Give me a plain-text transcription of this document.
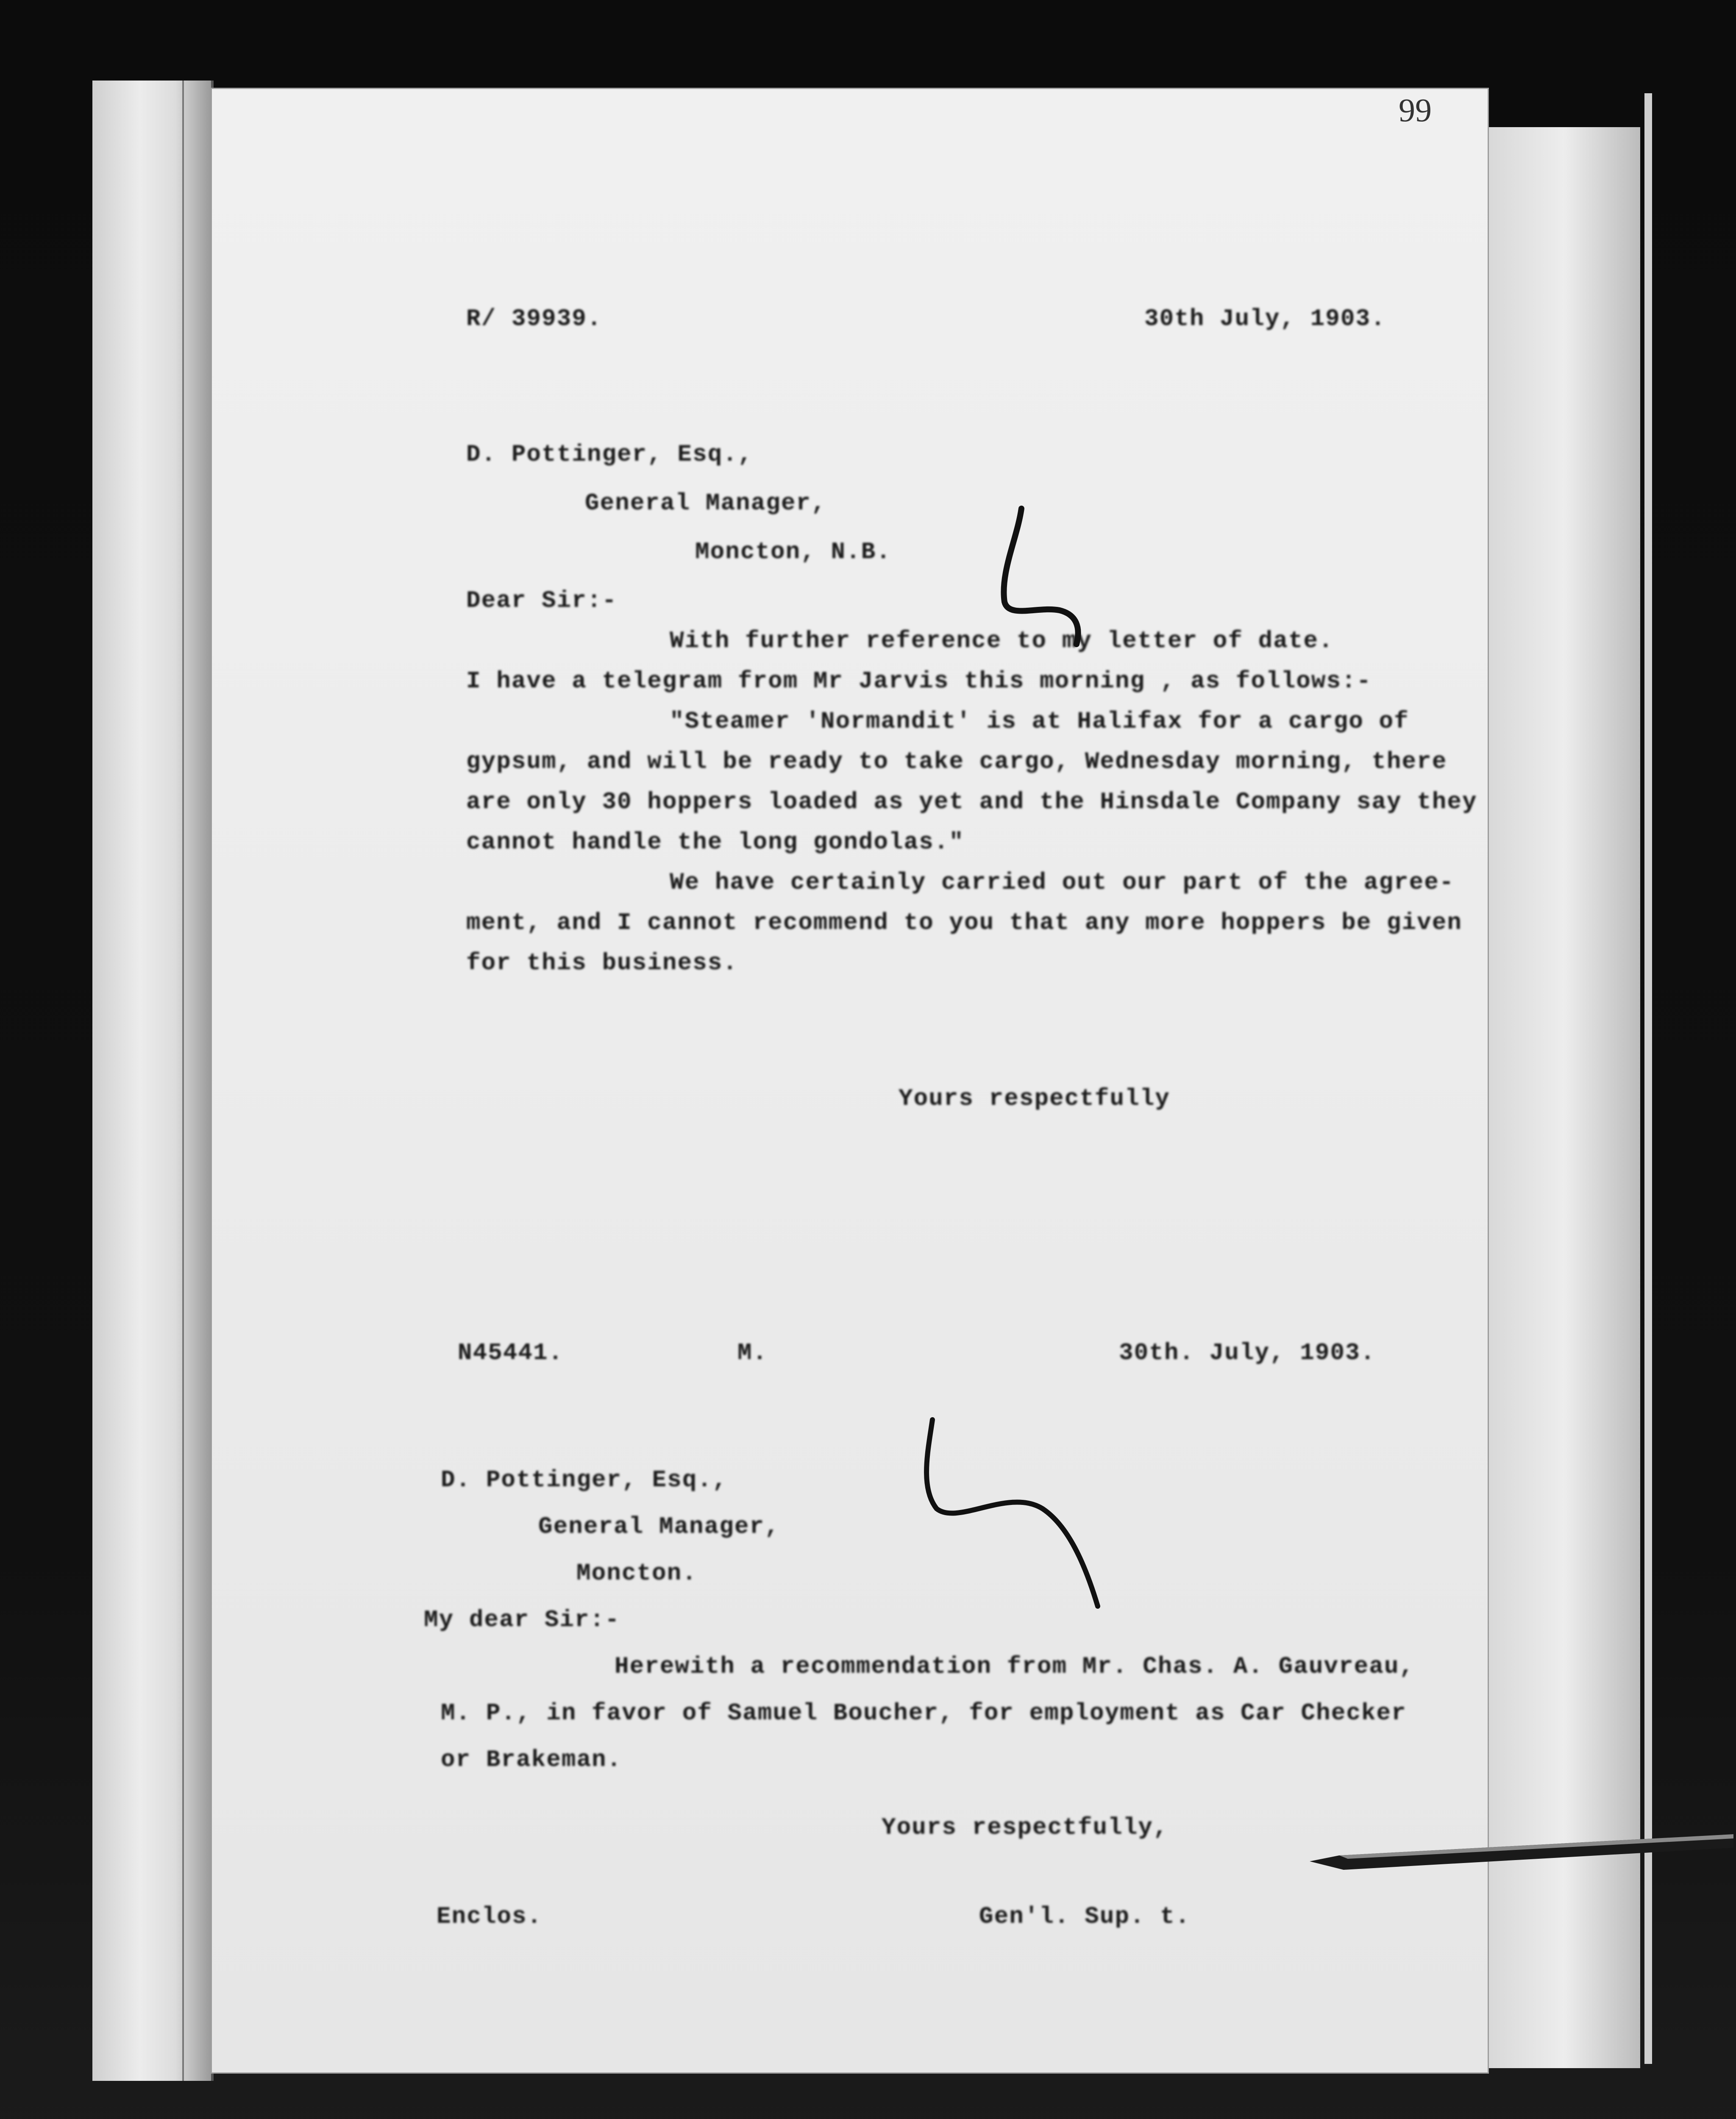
99
R/ 39939.	30th July, 1903.
D. Pottinger, Esq.,
General Manager,
Moncton, N.B.
Dear Sir:-
With further reference to my letter of date.
I have a telegram from Mr Jarvis this morning , as follows:-
"Steamer 'Normandit' is at Halifax for a cargo of
gypsum, and will be ready to take cargo, Wednesday morning, there
are only 30 hoppers loaded as yet and the Hinsdale Company say they
cannot handle the long gondolas."
We have certainly carried out our part of the agree-
ment, and I cannot recommend to you that any more hoppers be given
for this business.
Yours respectfully
N45441.	M.	30th. July, 1903.
D. Pottinger, Esq.,
General Manager,
Moncton.
My dear Sir:-
Herewith a recommendation from Mr. Chas. A. Gauvreau,
M. P., in favor of Samuel Boucher, for employment as Car Checker
or Brakeman.
Yours respectfully,
Enclos.	Gen'l. Sup. t.
